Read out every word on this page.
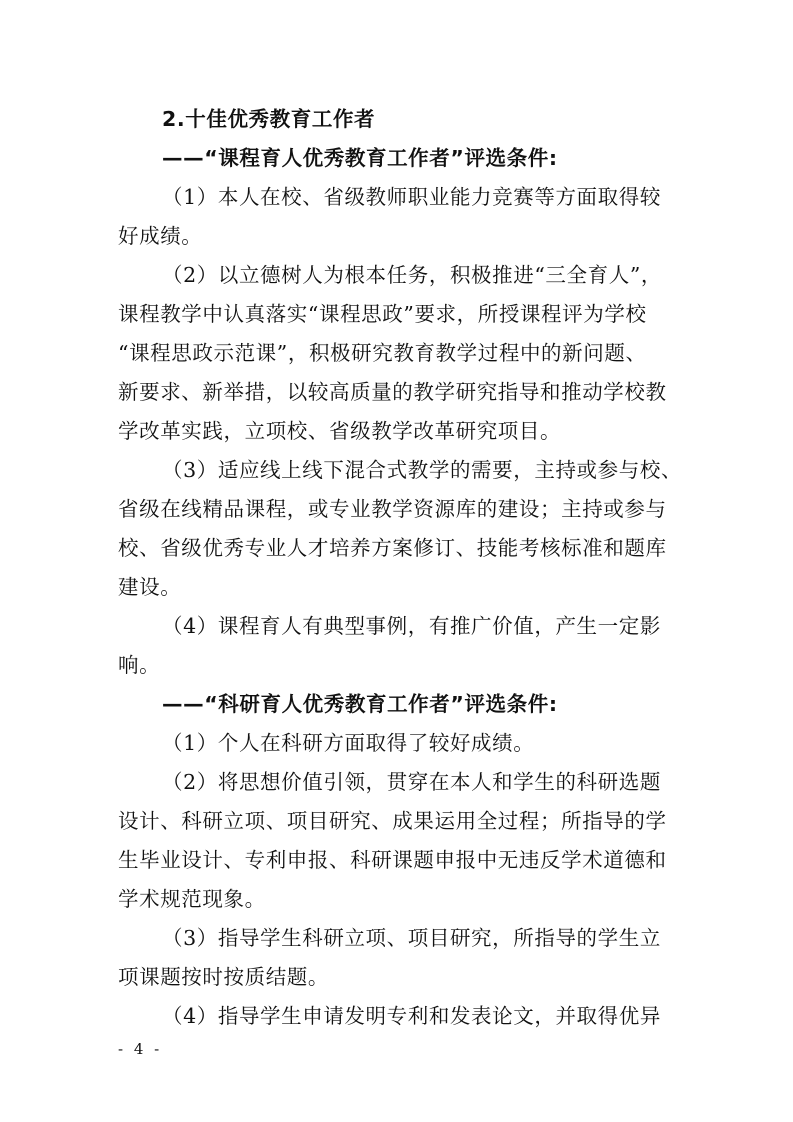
2.十佳优秀教育工作者
——“课程育人优秀教育工作者”评选条件:
（1）本人在校、省级教师职业能力竞赛等方面取得较
好成绩。
（2）以立德树人为根本任务，积极推进“三全育人”，
课程教学中认真落实“课程思政”要求，所授课程评为学校
“课程思政示范课”，积极研究教育教学过程中的新问题、
新要求、新举措，以较高质量的教学研究指导和推动学校教
学改革实践，立项校、省级教学改革研究项目。
（3）适应线上线下混合式教学的需要，主持或参与校、
省级在线精品课程，或专业教学资源库的建设；主持或参与
校、省级优秀专业人才培养方案修订、技能考核标准和题库
建设。
（4）课程育人有典型事例，有推广价值，产生一定影
响。
——“科研育人优秀教育工作者”评选条件:
（1）个人在科研方面取得了较好成绩。
（2）将思想价值引领，贯穿在本人和学生的科研选题
设计、科研立项、项目研究、成果运用全过程；所指导的学
生毕业设计、专利申报、科研课题申报中无违反学术道德和
学术规范现象。
（3）指导学生科研立项、项目研究，所指导的学生立
项课题按时按质结题。
（4）指导学生申请发明专利和发表论文，并取得优异
- 4 -
